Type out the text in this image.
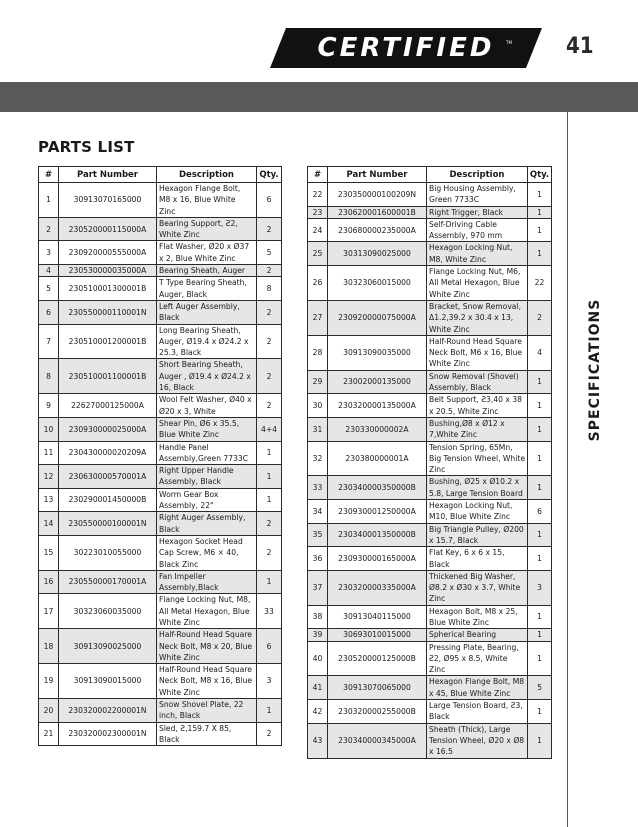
CERTIFIED	TM 41
SPECIFICATIONS
PARTS LIST
#	Part Number	Description	Qty.
1	30913070165000	Hexagon Flange Bolt, M8 x 16, Blue White Zinc	6
2	230520000115000A	Bearing Support, Ƨ2, White Zinc	2
3	230920000555000A	Flat Washer, Ø20 x Ø37 x 2, Blue White Zinc	5
4	230530000035000A	Bearing Sheath, Auger	2
5	230510001300001B	T Type Bearing Sheath, Auger, Black	8
6	230550000110001N	Left Auger Assembly, Black	2
7	230510001200001B	Long Bearing Sheath, Auger, Ø19.4 x Ø24.2 x 25.3, Black	2
8	230510001100001B	Short Bearing Sheath, Auger , Ø19.4 x Ø24.2 x 16, Black	2
9	22627000125000A	Wool Felt Washer, Ø40 x Ø20 x 3, White	2
10	230930000025000A	Shear Pin, Ø6 x 35.5, Blue White Zinc	4+4
11	230430000020209A	Handle Panel Assembly,Green 7733C	1
12	230630000570001A	Right Upper Handle Assembly, Black	1
13	230290001450000B	Worm Gear Box Assembly, 22"	1
14	230550000100001N	Right Auger Assembly, Black	2
15	30223010055000	Hexagon Socket Head Cap Screw, M6 × 40, Black Zinc	2
16	230550000170001A	Fan Impeller Assembly,Black	1
17	30323060035000	Flange Locking Nut, M8, All Metal Hexagon, Blue White Zinc	33
18	30913090025000	Half-Round Head Square Neck Bolt, M8 x 20, Blue White Zinc	6
19	30913090015000	Half-Round Head Square Neck Bolt, M8 x 16, Blue White Zinc	3
20	230320002200001N	Snow Shovel Plate, 22 inch, Black	1
21	230320002300001N	Sled, Ƨ,159.7 X 85, Black	2
#	Part Number	Description	Qty.
22	230350000100209N	Big Housing Assembly, Green 7733C	1
23	230620001600001B	Right Trigger, Black	1
24	230680000235000A	Self-Driving Cable Assembly, 970 mm	1
25	30313090025000	Hexagon Locking Nut, M8, White Zinc	1
26	30323060015000	Flange Locking Nut, M6, All Metal Hexagon, Blue White Zinc	22
27	230920000075000A	Bracket, Snow Removal, Δ1.2,39.2 x 30.4 x 13, White Zinc	2
28	30913090035000	Half-Round Head Square Neck Bolt, M6 x 16, Blue White Zinc	4
29	23002000135000	Snow Removal (Shovel) Assembly, Black	1
30	230320000135000A	Belt Support, Ƨ3,40 x 38 x 20.5, White Zinc	1
31	230330000002A	Bushing,Ø8 x Ø12 x 7,White Zinc	1
32	230380000001A	Tension Spring, 65Mn, Big Tension Wheel, White Zinc	1
33	230340000350000B	Bushing, Ø25 x Ø10.2 x 5.8, Large Tension Board	1
34	230930001250000A	Hexagon Locking Nut, M10, Blue White Zinc	6
35	230340001350000B	Big Triangle Pulley, Ø200 x 15.7, Black	1
36	230930000165000A	Flat Key, 6 x 6 x 15, Black	1
37	230320000335000A	Thickened Big Washer, Ø8.2 x Ø30 x 3.7, White Zinc	3
38	30913040115000	Hexagon Bolt, M8 x 25, Blue White Zinc	1
39	30693010015000	Spherical Bearing	1
40	230520000125000B	Pressing Plate, Bearing, Ƨ2, Ø95 x 8.5, White Zinc	1
41	30913070065000	Hexagon Flange Bolt, M8 x 45, Blue White Zinc	5
42	230320000255000B	Large Tension Board, Ƨ3, Black	1
43	230340000345000A	Sheath (Thick), Large Tension Wheel, Ø20 x Ø8 x 16.5	1
